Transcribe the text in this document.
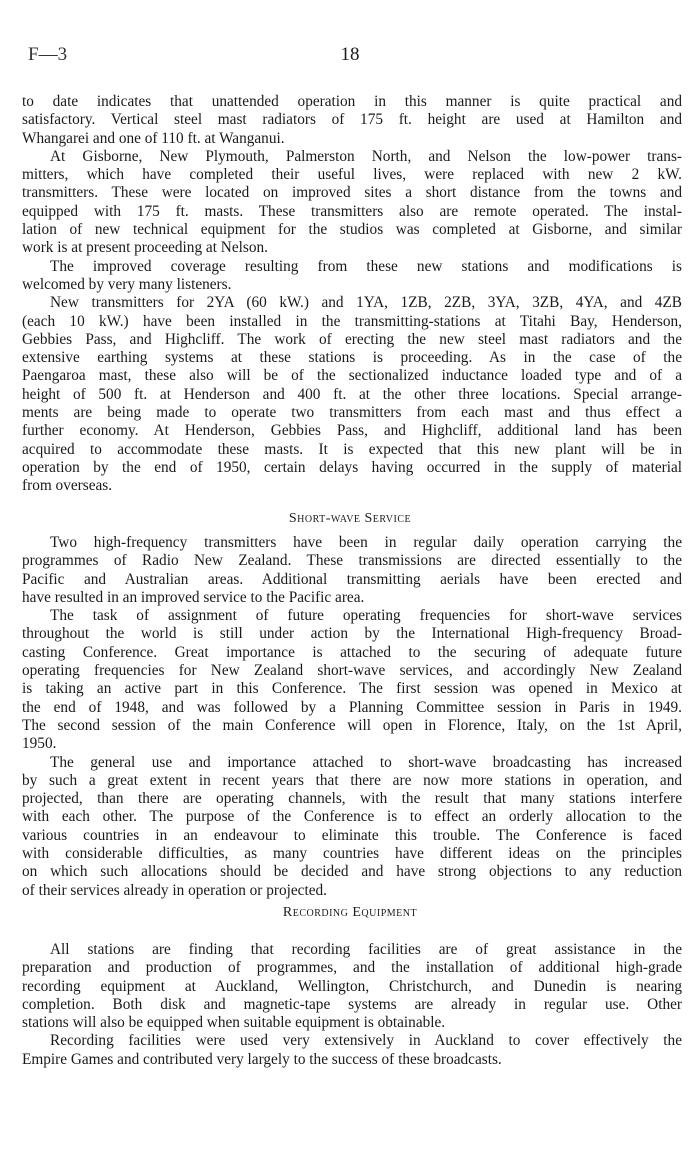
F—3	18
Short-wave Service
Recording Equipment
to date indicates that unattended operation in this manner is quite practical and
satisfactory. Vertical steel mast radiators of 175 ft. height are used at Hamilton and
Whangarei and one of 110 ft. at Wanganui.
At Gisborne, New Plymouth, Palmerston North, and Nelson the low-power trans-
mitters, which have completed their useful lives, were replaced with new 2 kW.
transmitters. These were located on improved sites a short distance from the towns and
equipped with 175 ft. masts. These transmitters also are remote operated. The instal-
lation of new technical equipment for the studios was completed at Gisborne, and similar
work is at present proceeding at Nelson.
The improved coverage resulting from these new stations and modifications is
welcomed by very many listeners.
New transmitters for 2YA (60 kW.) and 1YA, 1ZB, 2ZB, 3YA, 3ZB, 4YA, and 4ZB
(each 10 kW.) have been installed in the transmitting-stations at Titahi Bay, Henderson,
Gebbies Pass, and Highcliff. The work of erecting the new steel mast radiators and the
extensive earthing systems at these stations is proceeding. As in the case of the
Paengaroa mast, these also will be of the sectionalized inductance loaded type and of a
height of 500 ft. at Henderson and 400 ft. at the other three locations. Special arrange-
ments are being made to operate two transmitters from each mast and thus effect a
further economy. At Henderson, Gebbies Pass, and Highcliff, additional land has been
acquired to accommodate these masts. It is expected that this new plant will be in
operation by the end of 1950, certain delays having occurred in the supply of material
from overseas.
Two high-frequency transmitters have been in regular daily operation carrying the
programmes of Radio New Zealand. These transmissions are directed essentially to the
Pacific and Australian areas. Additional transmitting aerials have been erected and
have resulted in an improved service to the Pacific area.
The task of assignment of future operating frequencies for short-wave services
throughout the world is still under action by the International High-frequency Broad-
casting Conference. Great importance is attached to the securing of adequate future
operating frequencies for New Zealand short-wave services, and accordingly New Zealand
is taking an active part in this Conference. The first session was opened in Mexico at
the end of 1948, and was followed by a Planning Committee session in Paris in 1949.
The second session of the main Conference will open in Florence, Italy, on the 1st April,
1950.
The general use and importance attached to short-wave broadcasting has increased
by such a great extent in recent years that there are now more stations in operation, and
projected, than there are operating channels, with the result that many stations interfere
with each other. The purpose of the Conference is to effect an orderly allocation to the
various countries in an endeavour to eliminate this trouble. The Conference is faced
with considerable difficulties, as many countries have different ideas on the principles
on which such allocations should be decided and have strong objections to any reduction
of their services already in operation or projected.
All stations are finding that recording facilities are of great assistance in the
preparation and production of programmes, and the installation of additional high-grade
recording equipment at Auckland, Wellington, Christchurch, and Dunedin is nearing
completion. Both disk and magnetic-tape systems are already in regular use. Other
stations will also be equipped when suitable equipment is obtainable.
Recording facilities were used very extensively in Auckland to cover effectively the
Empire Games and contributed very largely to the success of these broadcasts.
